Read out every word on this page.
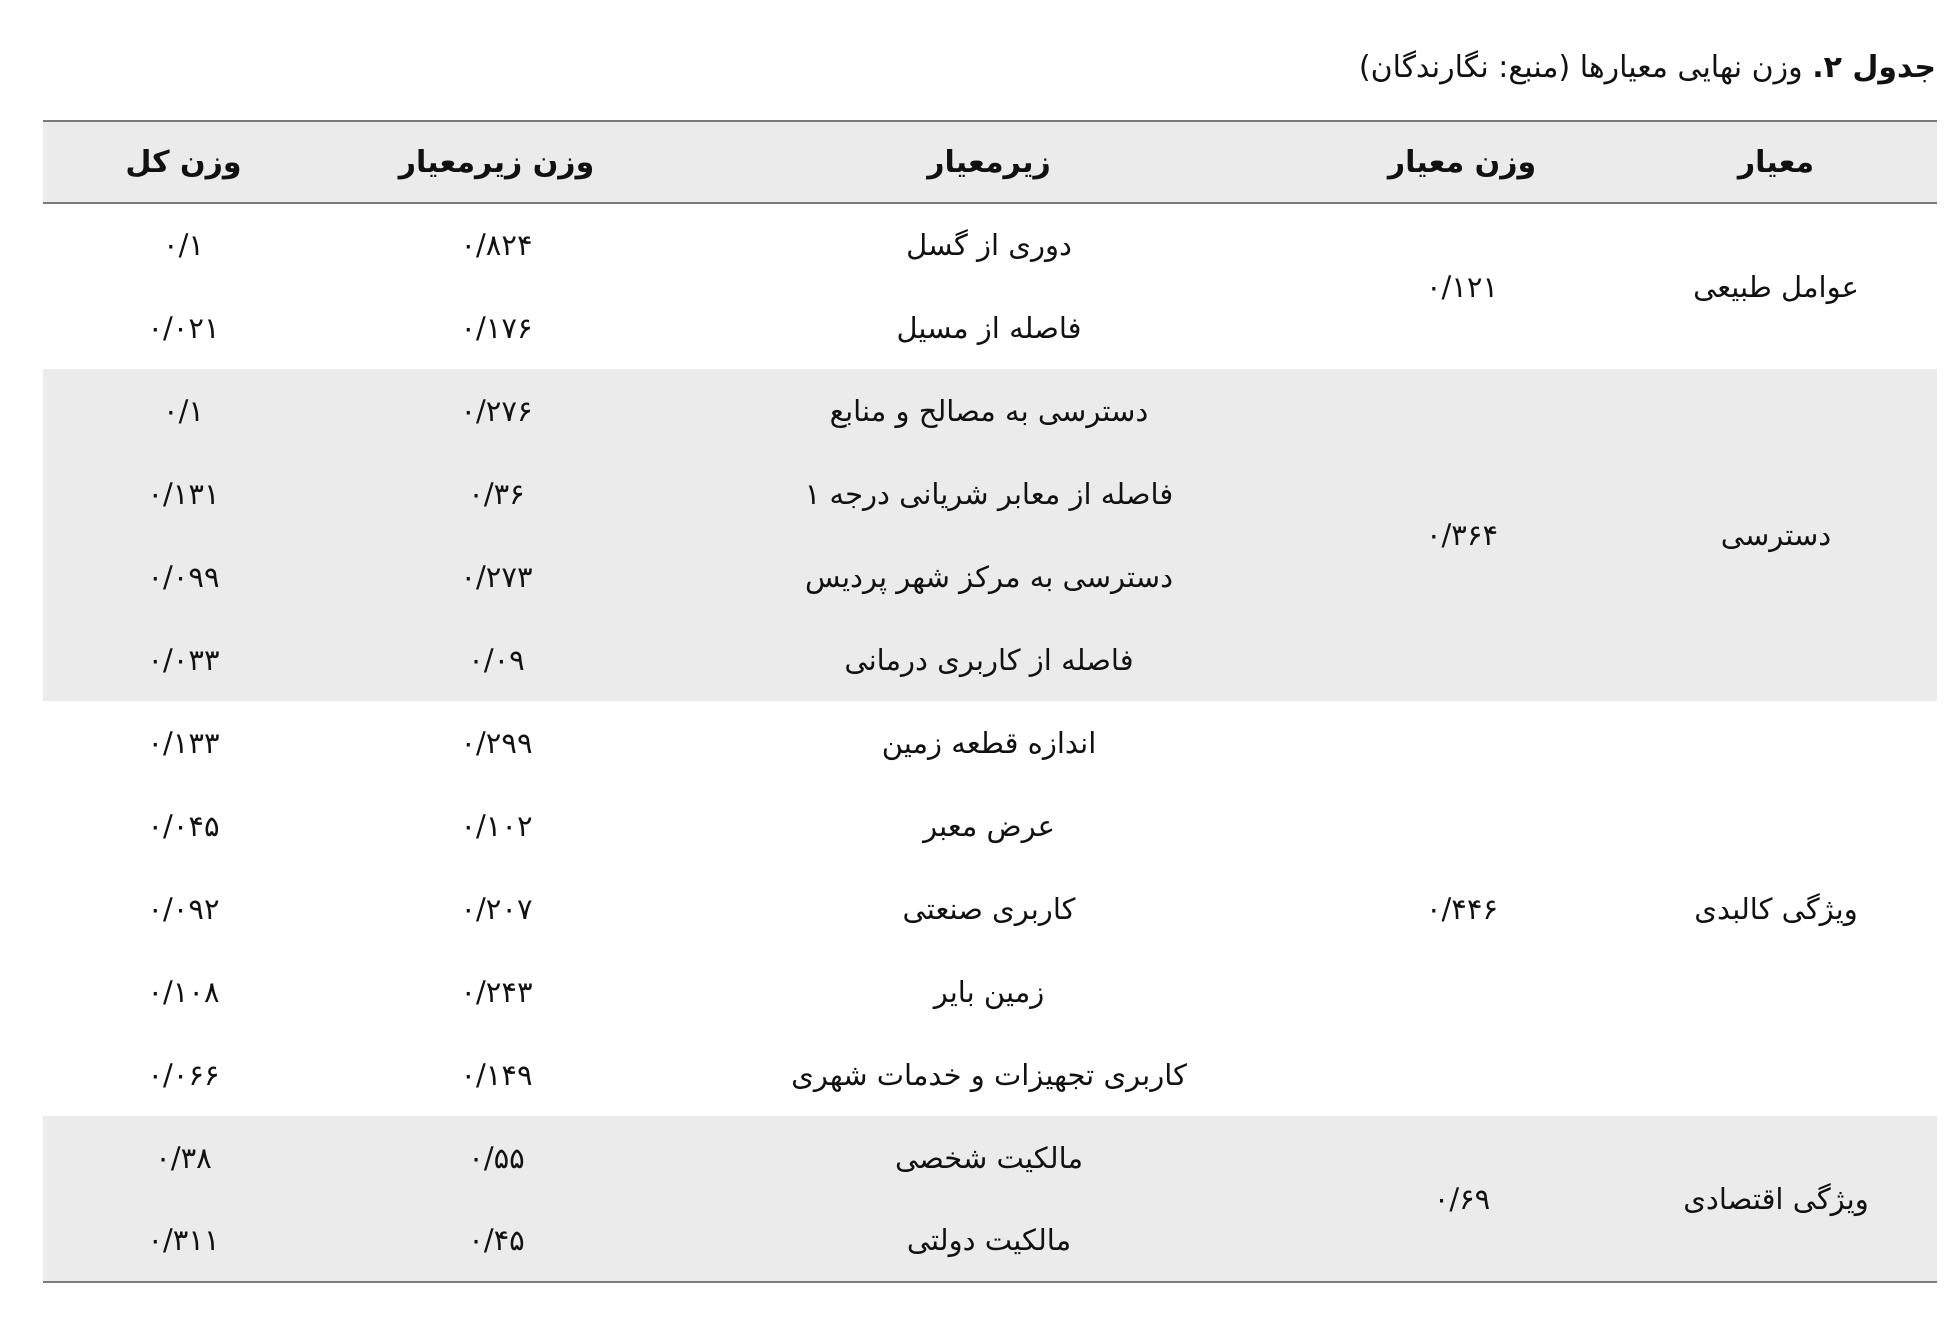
جدول ۲. وزن نهایی معیارها (منبع: نگارندگان)
معیار	وزن معیار	زیرمعیار	وزن زیرمعیار	وزن کل
عوامل طبیعی	۰/۱۲۱	دوری از گسل	۰/۸۲۴	۰/۱
		فاصله از مسیل	۰/۱۷۶	۰/۰۲۱
دسترسی	۰/۳۶۴	دسترسی به مصالح و منابع	۰/۲۷۶	۰/۱
		فاصله از معابر شریانی درجه ۱	۰/۳۶	۰/۱۳۱
		دسترسی به مرکز شهر پردیس	۰/۲۷۳	۰/۰۹۹
		فاصله از کاربری درمانی	۰/۰۹	۰/۰۳۳
ویژگی کالبدی	۰/۴۴۶	اندازه قطعه زمین	۰/۲۹۹	۰/۱۳۳
		عرض معبر	۰/۱۰۲	۰/۰۴۵
		کاربری صنعتی	۰/۲۰۷	۰/۰۹۲
		زمین بایر	۰/۲۴۳	۰/۱۰۸
		کاربری تجهیزات و خدمات شهری	۰/۱۴۹	۰/۰۶۶
ویژگی اقتصادی	۰/۶۹	مالکیت شخصی	۰/۵۵	۰/۳۸
		مالکیت دولتی	۰/۴۵	۰/۳۱۱
